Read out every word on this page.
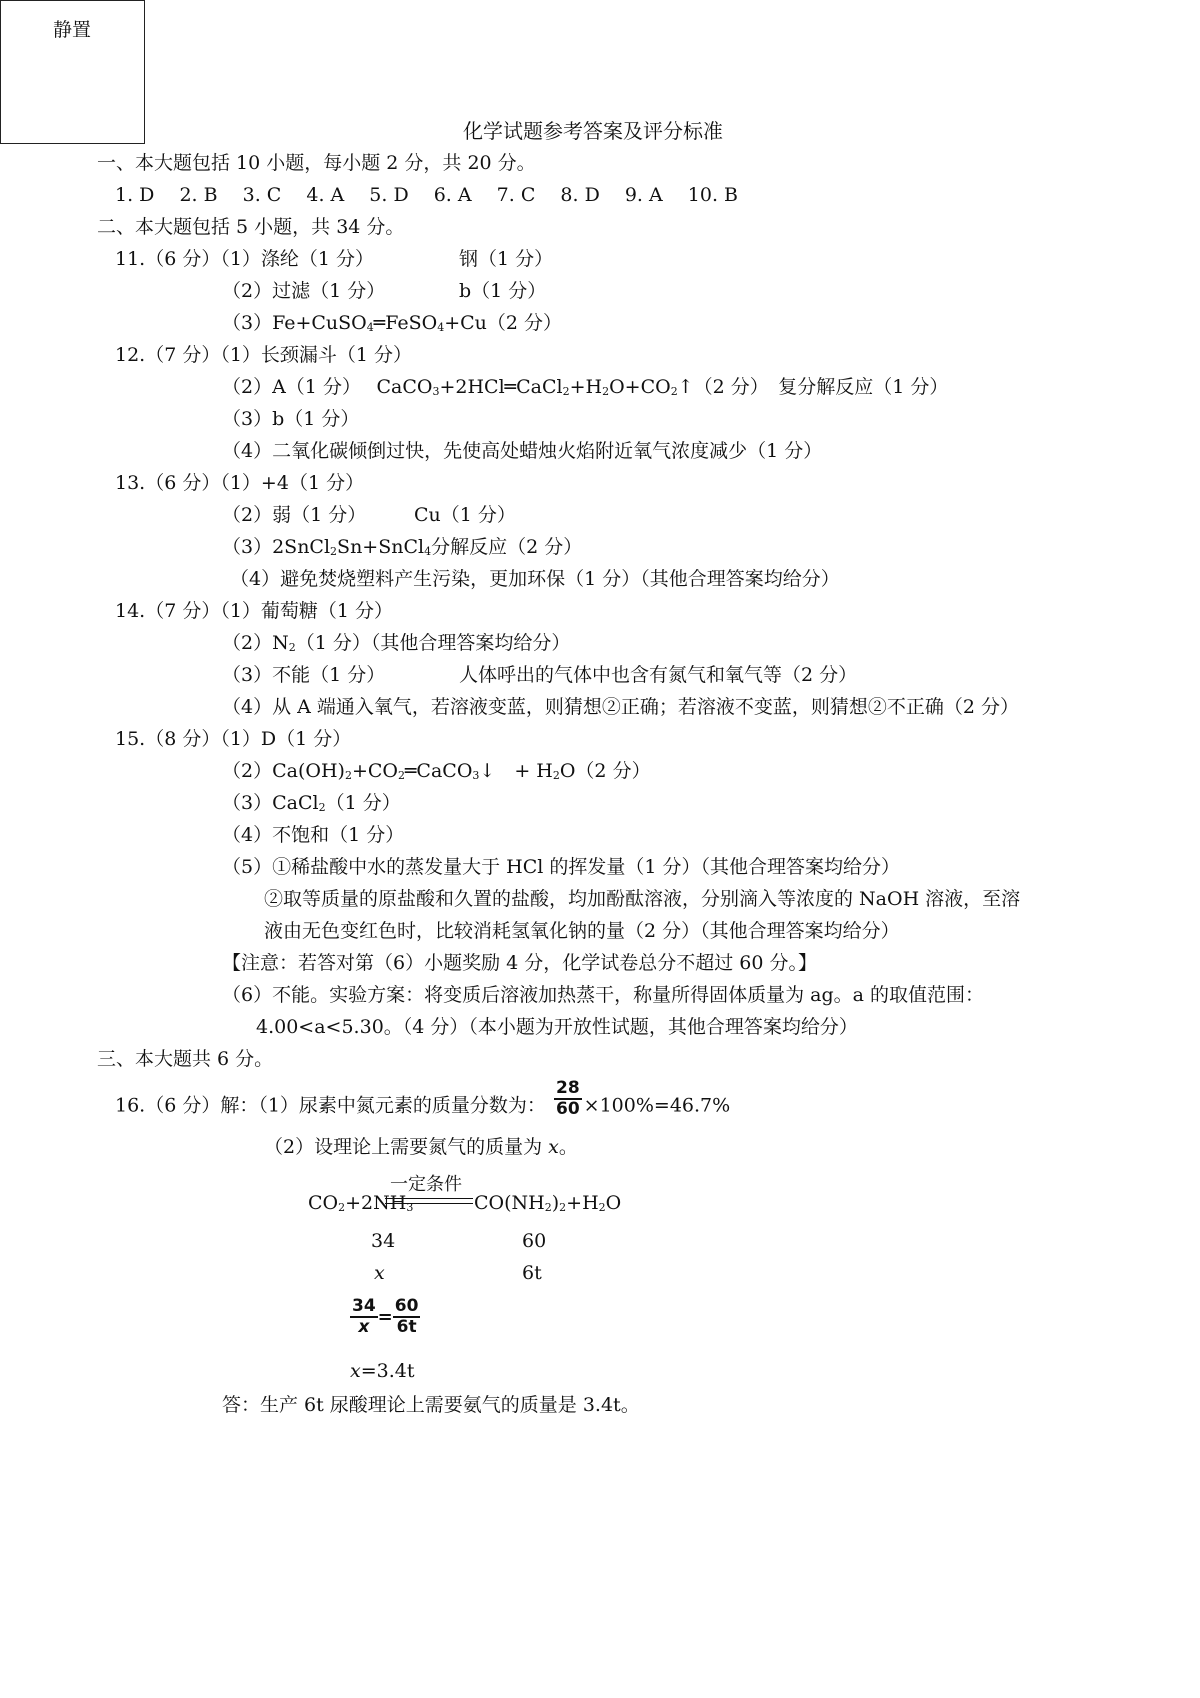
静置
化学试题参考答案及评分标准
一、本大题包括 10 小题，每小题 2 分，共 20 分。
1. D　 2. B　 3. C　 4. A　 5. D　 6. A　 7. C　 8. D　 9. A　 10. B
二、本大题包括 5 小题，共 34 分。
11.（6 分）（1）涤纶（1 分）	钢（1 分）
（2）过滤（1 分）	b（1 分）
（3）Fe+CuSO$_4$═FeSO$_4$+Cu（2 分）
12.（7 分）（1）长颈漏斗（1 分）
（2）A（1 分）　 $CaCO_3+2HCl═CaCl_2+H_2O+CO_2↑(2$ 分）　复分解反应（1 分）
（3）b（1 分）
（4）二氧化碳倾倒过快，先使高处蜡烛火焰附近氧气浓度减少（1 分）
13.（6 分）（1）+4（1 分）
（2）弱（1 分）	Cu（1 分）
（3）2SnCl$_2$Sn+SnCl$_4$分解反应（2 分）
（4）避免焚烧塑料产生污染，更加环保（1 分）（其他合理答案均给分）
14.（7 分）（1）葡萄糖（1 分）
$(2)N_2(1$ 分）（其他合理答案均给分）
（3）不能（1 分）	人体呼出的气体中也含有氮气和氧气等（2 分）
（4）从 A 端通入氧气，若溶液变蓝，则猜想②正确；若溶液不变蓝，则猜想②不正确（2 分）
15.（8 分）（1）D（1 分）
$(2)Ca(OH)_2+CO_2═CaCO_3↓$　+ $H_2O(2$ 分）
（3）CaCl$_2$（1 分）
（4）不饱和（1 分）
（5）①稀盐酸中水的蒸发量大于 HCl 的挥发量（1 分）（其他合理答案均给分）
②取等质量的原盐酸和久置的盐酸，均加酚酞溶液，分别滴入等浓度的 NaOH 溶液，至溶
液由无色变红色时，比较消耗氢氧化钠的量（2 分）（其他合理答案均给分）
【注意：若答对第（6）小题奖励 4 分，化学试卷总分不超过 60 分。】
（6）不能。实验方案：将变质后溶液加热蒸干，称量所得固体质量为 ag。a 的取值范围：
4.00<a<5.30。（4 分）（本小题为开放性试题，其他合理答案均给分）
三、本大题共 6 分。
16.（6 分）解：（1）尿素中氮元素的质量分数为： $\frac{28}{60} \times 100\%=46.7\%$
（2）设理论上需要氮气的质量为 x。
$CO_2+2NH_3$
一定条件
$CO(NH_2)_2+H_2O$
34	60
x	6t
$\frac{34}{x} = \frac{60}{6t}$
x=3.4t
答：生产 6t 尿酸理论上需要氨气的质量是 3.4t。
